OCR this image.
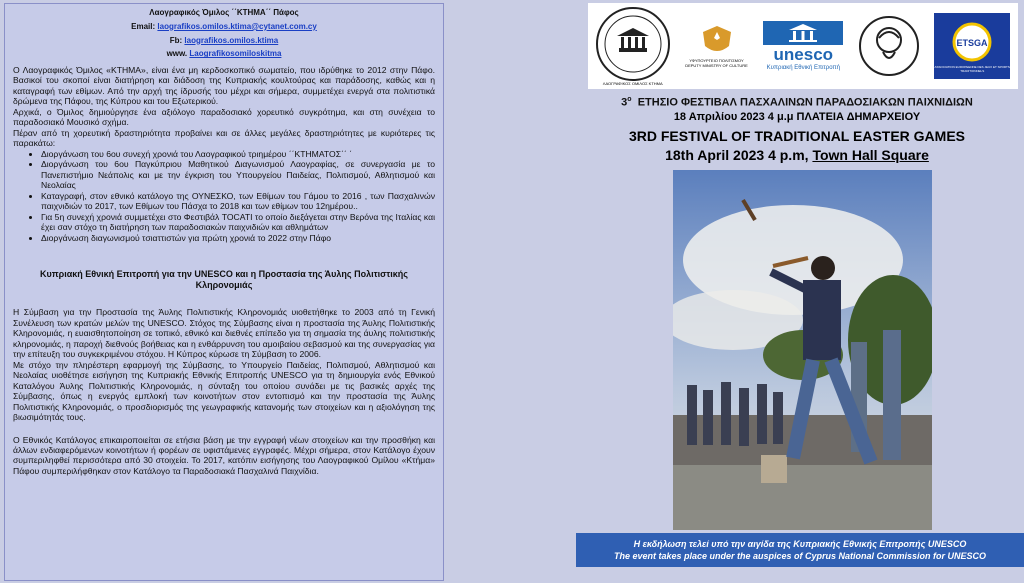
Λαογραφικός Όμιλος ΄΄ΚΤΗΜΑ΄΄ Πάφος
Email: laografikos.omilos.ktima@cytanet.com.cy
Fb: laografikos.omilos.ktima
www. Laografikosomiloskitma

Ο Λαογραφικός Όμιλος «ΚΤΗΜΑ», είναι ένα μη κερδοσκοπικό σωματείο, που ιδρύθηκε το 2012 στην Πάφο. Βασικοί του σκοποί είναι διατήρηση και διάδοση της Κυπριακής κουλτούρας και παράδοσης, καθώς και η καταγραφή των εθίμων. Από την αρχή της ίδρυσής του μέχρι και σήμερα, συμμετέχει ενεργά στα πολιτιστικά δρώμενα της Πάφου, της Κύπρου και του Εξωτερικού.

Αρχικά, ο Όμιλος δημιούργησε ένα αξιόλογο παραδοσιακό χορευτικό συγκρότημα, και στη συνέχεια το παραδοσιακό Μουσικό σχήμα.

Πέραν από τη χορευτική δραστηριότητα προβαίνει και σε άλλες μεγάλες δραστηριότητες με κυριότερες τις παρακάτω:

• Διοργάνωση του 6ου συνεχή χρονιά του Λαογραφικού τριημέρου ΄΄ΚΤΗΜΑΤΟΣ΄΄ ΄
• Διοργάνωση του 6ου Παγκύπριου Μαθητικού Διαγωνισμού Λαογραφίας, σε συνεργασία με το Πανεπιστήμιο Νεάπολις και με την έγκριση του Υπουργείου Παιδείας, Πολιτισμού, Αθλητισμού και Νεολαίας
• Καταγραφή, στον εθνικό κατάλογο της ΟΥΝΕΣΚΟ, των Εθίμων του Γάμου το 2016 , των Πασχαλινών παιχνιδιών το 2017, των Εθίμων του Πάσχα το 2018 και των εθίμων του 12ημέρου..
• Για 5η συνεχή χρονιά συμμετέχει στο Φεστιβάλ TOCATI το οποίο διεξάγεται στην Βερόνα της Ιταλίας και έχει σαν στόχο τη διατήρηση των παραδοσιακών παιχνιδιών και αθλημάτων
• Διοργάνωση διαγωνισμού τσιαττιστών για πρώτη χρονιά το 2022 στην Πάφο
Κυπριακή Εθνική Επιτροπή για την UNESCO και η Προστασία της Άυλης Πολιτιστικής Κληρονομιάς

Η Σύμβαση για την Προστασία της Άυλης Πολιτιστικής Κληρονομιάς υιοθετήθηκε το 2003 από τη Γενική Συνέλευση των κρατών μελών της UNESCO. Στόχος της Σύμβασης είναι η προστασία της Άυλης Πολιτιστικής Κληρονομιάς, η ευαισθητοποίηση σε τοπικό, εθνικό και διεθνές επίπεδο για τη σημασία της άυλης πολιτιστικής κληρονομιάς, η παροχή διεθνούς βοήθειας και η ενθάρρυνση του αμοιβαίου σεβασμού και της συνεργασίας για την επίτευξη του συγκεκριμένου στόχου. Η Κύπρος κύρωσε τη Σύμβαση το 2006.

Με στόχο την πληρέστερη εφαρμογή της Σύμβασης, το Υπουργείο Παιδείας, Πολιτισμού, Αθλητισμού και Νεολαίας υιοθέτησε εισήγηση της Κυπριακής Εθνικής Επιτροπής UNESCO για τη δημιουργία ενός Εθνικού Καταλόγου Άυλης Πολιτιστικής Κληρονομιάς, η σύνταξη του οποίου συνάδει με τις βασικές αρχές της Σύμβασης, όπως η ενεργός εμπλοκή των κοινοτήτων στον εντοπισμό και την προστασία της Άυλης Πολιτιστικής Κληρονομιάς, ο προσδιορισμός της γεωγραφικής κατανομής των στοιχείων και η αξιολόγηση της βιωσιμότητάς τους.

Ο Εθνικός Κατάλογος επικαιροποιείται σε ετήσια βάση με την εγγραφή νέων στοιχείων και την προσθήκη και άλλων ενδιαφερόμενων κοινοτήτων ή φορέων σε υφιστάμενες εγγραφές. Μέχρι σήμερα, στον Κατάλογο έχουν συμπεριληφθεί περισσότερα από 30 στοιχεία. Το 2017, κατόπιν εισήγησης του Λαογραφικού Ομίλου «Κτήμα» Πάφου συμπεριλήφθηκαν στον Κατάλογο τα Παραδοσιακά Πασχαλινά Παιχνίδια.

ΛΑΟΓΡΑΦΙΚΟΣ ΟΜΙΛΟΣ ΚΤΗΜΑ
ΥΦΥΠΟΥΡΓΕΙΟ ΠΟΛΙΤΙΣΜΟΥ
DEPUTY MINISTRY OF CULTURE
unesco
Κυπριακή Εθνική Επιτροπή
ETSGA
ASSOCIATION EUROPEENNE DES JEUX ET SPORTS TRADITIONNELS
$3^o$ ΕΤΗΣΙΟ ΦΕΣΤΙΒΑΛ ΠΑΣΧΑΛΙΝΩΝ ΠΑΡΑΔΟΣΙΑΚΩΝ ΠΑΙΧΝΙΔΙΩΝ
18 Απριλίου 2023 4 μ.μ ΠΛΑΤΕΙΑ ΔΗΜΑΡΧΕΙΟΥ
3RD FESTIVAL OF TRADITIONAL EASTER GAMES
18th April 2023 4 p.m, Town Hall Square
Η εκδήλωση τελεί υπό την αιγίδα της Κυπριακής Εθνικής Επιτροπής UNESCO
The event takes place under the auspices of Cyprus National Commission for UNESCO
